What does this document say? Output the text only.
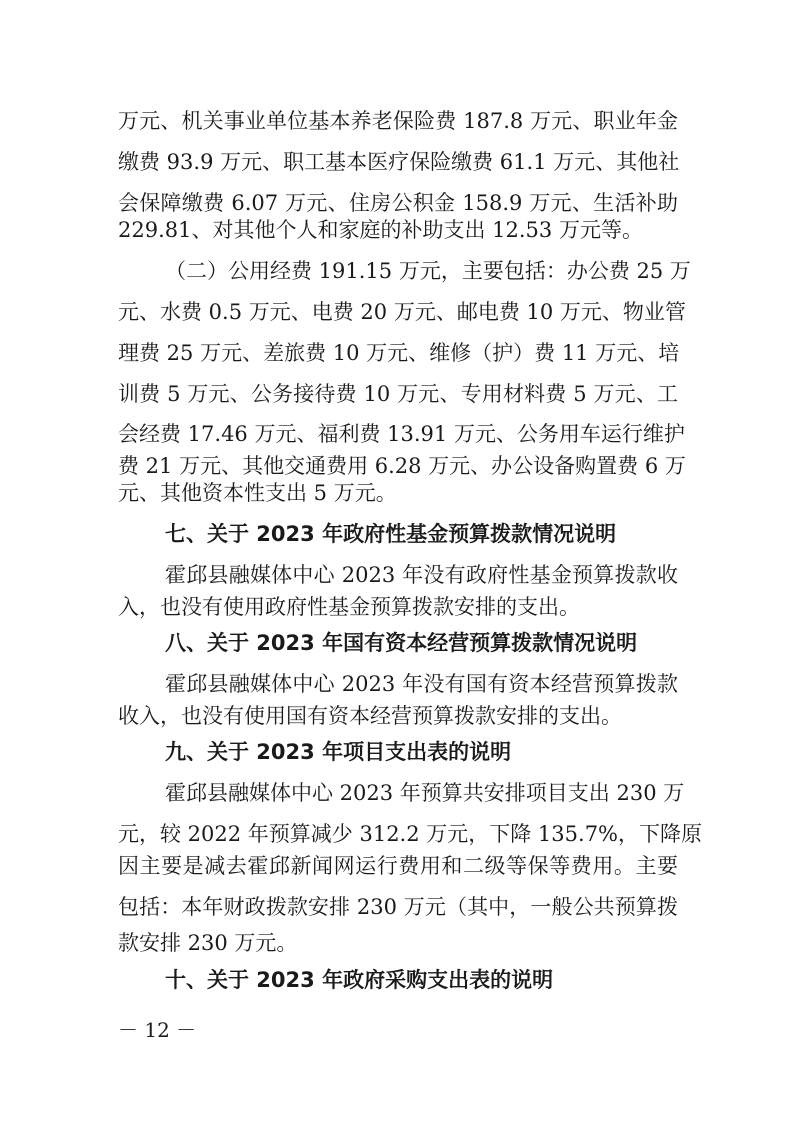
万元、机关事业单位基本养老保险费 187.8 万元、职业年金
缴费 93.9 万元、职工基本医疗保险缴费 61.1 万元、其他社
会保障缴费 6.07 万元、住房公积金 158.9 万元、生活补助
229.81、对其他个人和家庭的补助支出 12.53 万元等。
（二）公用经费 191.15 万元，主要包括：办公费 25 万
元、水费 0.5 万元、电费 20 万元、邮电费 10 万元、物业管
理费 25 万元、差旅费 10 万元、维修（护）费 11 万元、培
训费 5 万元、公务接待费 10 万元、专用材料费 5 万元、工
会经费 17.46 万元、福利费 13.91 万元、公务用车运行维护
费 21 万元、其他交通费用 6.28 万元、办公设备购置费 6 万
元、其他资本性支出 5 万元。
七、关于 2023 年政府性基金预算拨款情况说明
霍邱县融媒体中心 2023 年没有政府性基金预算拨款收
入，也没有使用政府性基金预算拨款安排的支出。
八、关于 2023 年国有资本经营预算拨款情况说明
霍邱县融媒体中心 2023 年没有国有资本经营预算拨款
收入，也没有使用国有资本经营预算拨款安排的支出。
九、关于 2023 年项目支出表的说明
霍邱县融媒体中心 2023 年预算共安排项目支出 230 万
元，较 2022 年预算减少 312.2 万元，下降 135.7%，下降原
因主要是减去霍邱新闻网运行费用和二级等保等费用。主要
包括：本年财政拨款安排 230 万元（其中，一般公共预算拨
款安排 230 万元。
十、关于 2023 年政府采购支出表的说明
－ 12 －
